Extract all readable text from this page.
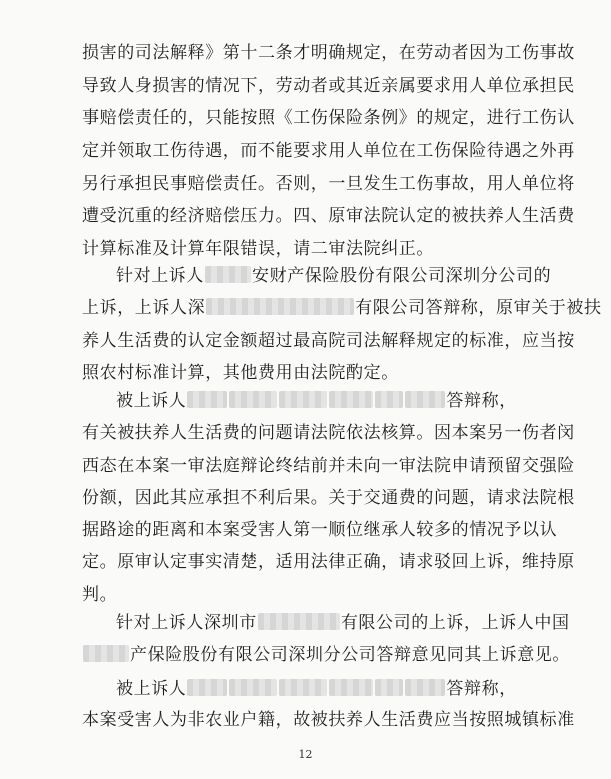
损害的司法解释》第十二条才明确规定，在劳动者因为工伤事故
导致人身损害的情况下，劳动者或其近亲属要求用人单位承担民
事赔偿责任的，只能按照《工伤保险条例》的规定，进行工伤认
定并领取工伤待遇，而不能要求用人单位在工伤保险待遇之外再
另行承担民事赔偿责任。否则，一旦发生工伤事故，用人单位将
遭受沉重的经济赔偿压力。四、原审法院认定的被扶养人生活费
计算标准及计算年限错误，请二审法院纠正。
针对上诉人	安财产保险股份有限公司深圳分公司的
上诉，上诉人深	有限公司答辩称，原审关于被扶
养人生活费的认定金额超过最高院司法解释规定的标准，应当按
照农村标准计算，其他费用由法院酌定。
被上诉人	答辩称，
有关被扶养人生活费的问题请法院依法核算。因本案另一伤者闵
西态在本案一审法庭辩论终结前并未向一审法院申请预留交强险
份额，因此其应承担不利后果。关于交通费的问题，请求法院根
据路途的距离和本案受害人第一顺位继承人较多的情况予以认
定。原审认定事实清楚，适用法律正确，请求驳回上诉，维持原
判。
针对上诉人深圳市	有限公司的上诉，上诉人中国
产保险股份有限公司深圳分公司答辩意见同其上诉意见。
被上诉人	答辩称，
本案受害人为非农业户籍，故被扶养人生活费应当按照城镇标准
12
